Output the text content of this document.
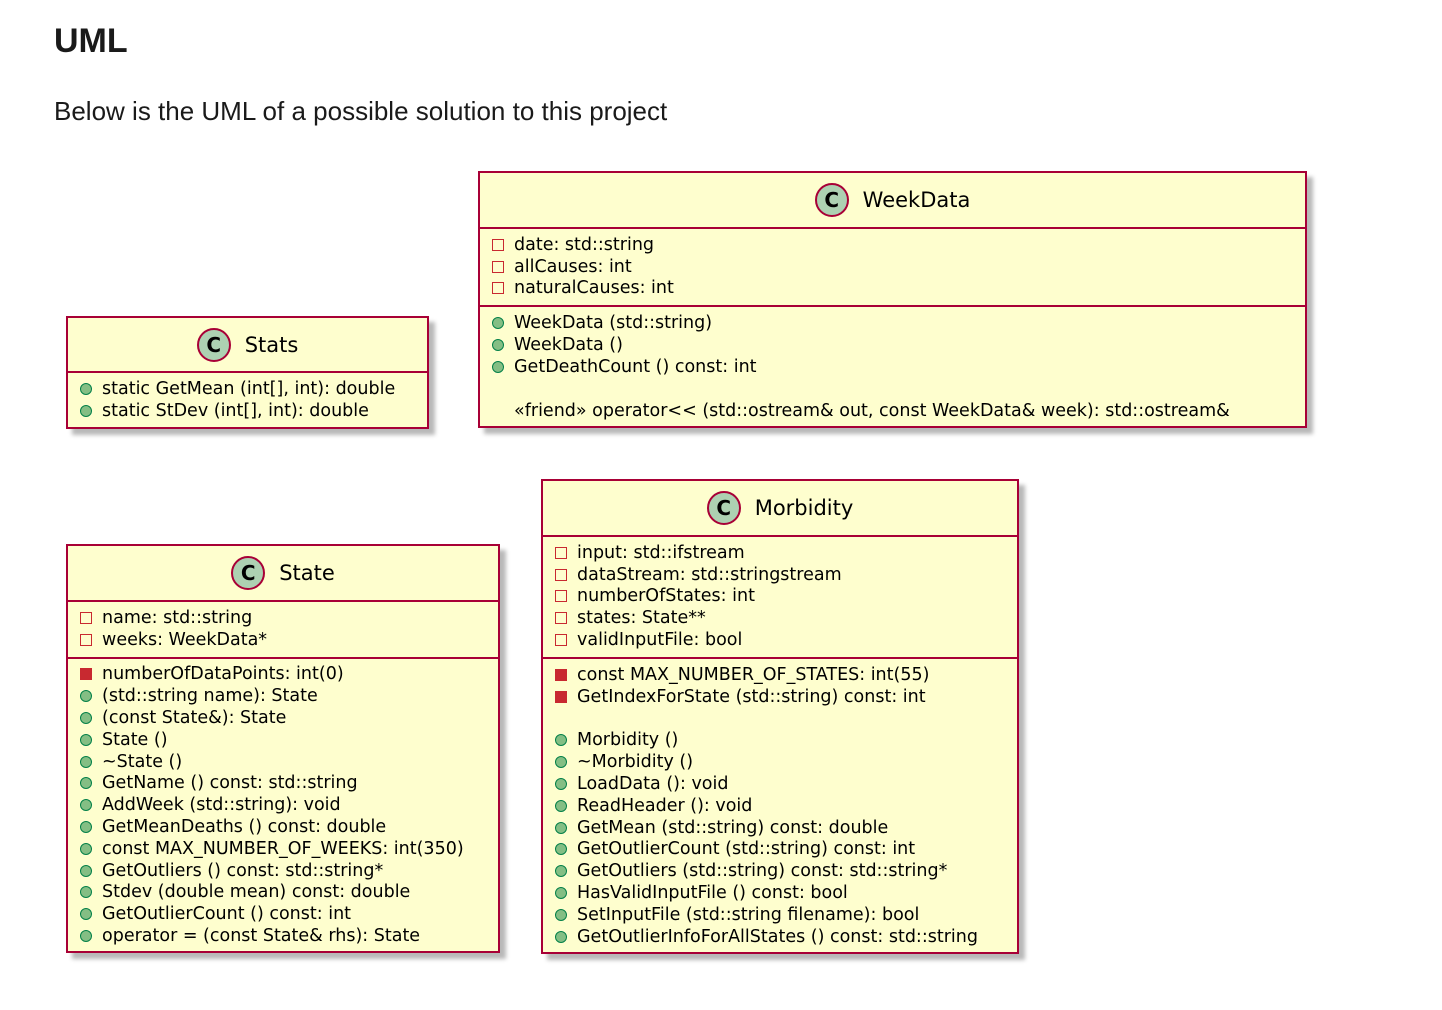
UML

Below is the UML of a possible solution to this project

C	Stats
static GetMean (int[], int): double
static StDev (int[], int): double
C	WeekData
date: std::string
allCauses: int
naturalCauses: int
WeekData (std::string)
WeekData ()
GetDeathCount () const: int
«friend» operator<< (std::ostream& out, const WeekData& week): std::ostream&
C	State
name: std::string
weeks: WeekData*
numberOfDataPoints: int(0)
(std::string name): State
(const State&): State
State ()
~State ()
GetName () const: std::string
AddWeek (std::string): void
GetMeanDeaths () const: double
const MAX_NUMBER_OF_WEEKS: int(350)
GetOutliers () const: std::string*
Stdev (double mean) const: double
GetOutlierCount () const: int
operator = (const State& rhs): State
C	Morbidity
input: std::ifstream
dataStream: std::stringstream
numberOfStates: int
states: State**
validInputFile: bool
const MAX_NUMBER_OF_STATES: int(55)
GetIndexForState (std::string) const: int
Morbidity ()
~Morbidity ()
LoadData (): void
ReadHeader (): void
GetMean (std::string) const: double
GetOutlierCount (std::string) const: int
GetOutliers (std::string) const: std::string*
HasValidInputFile () const: bool
SetInputFile (std::string filename): bool
GetOutlierInfoForAllStates () const: std::string
